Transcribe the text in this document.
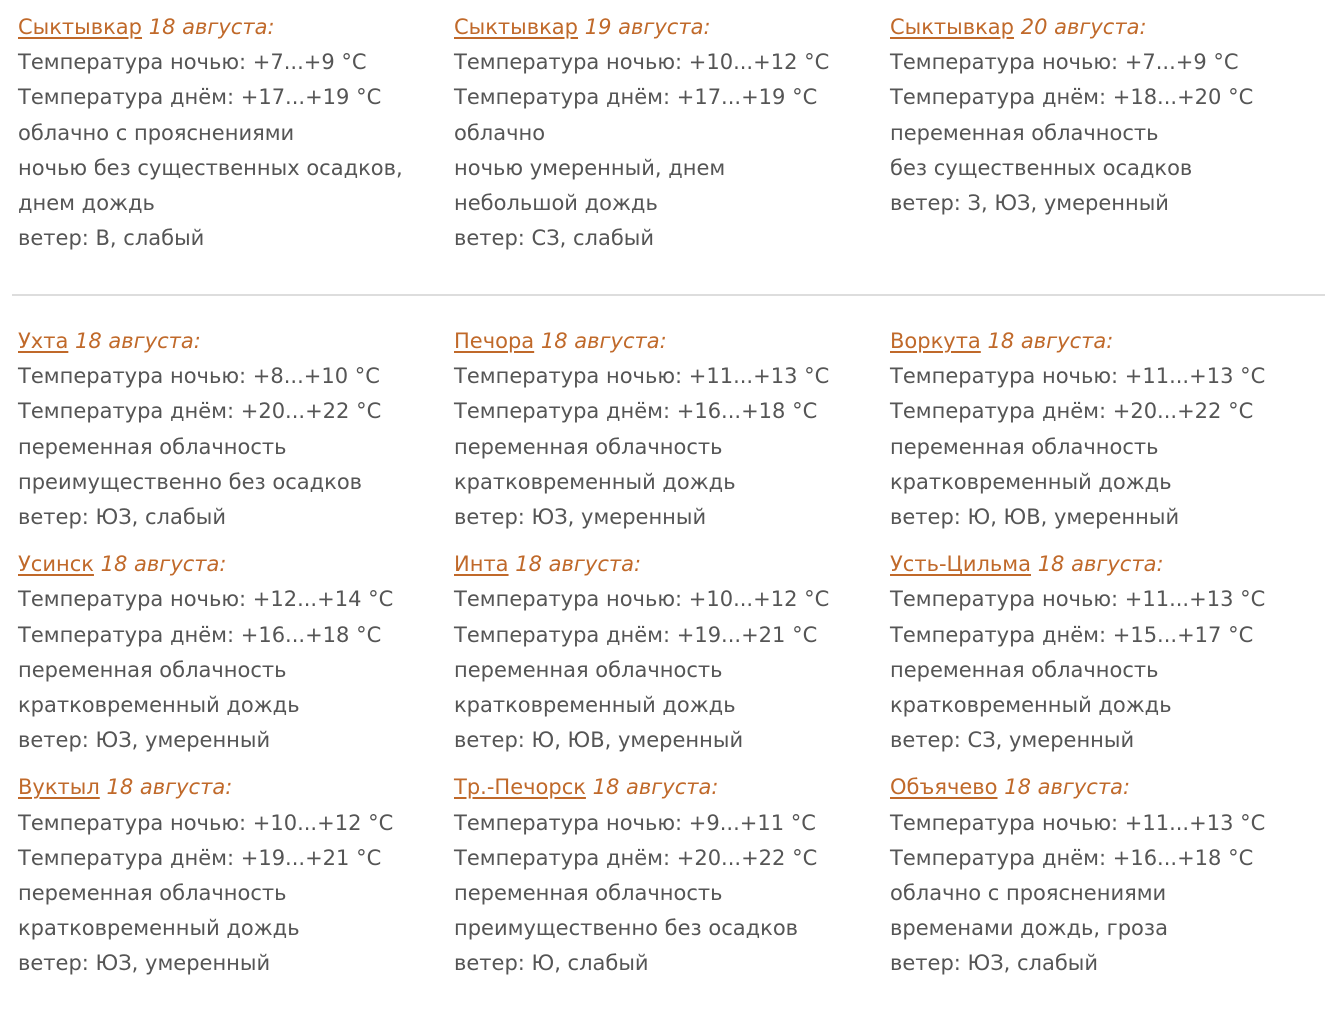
Сыктывкар 18 августа:

Температура ночью: +7...+9 °C

Температура днём: +17...+19 °C

облачно с прояснениями

ночью без существенных осадков, днем дождь

ветер: В, слабый

Сыктывкар 19 августа:

Температура ночью: +10...+12 °C

Температура днём: +17...+19 °C

облачно

ночью умеренный, днем небольшой дождь

ветер: СЗ, слабый

Сыктывкар 20 августа:

Температура ночью: +7...+9 °C

Температура днём: +18...+20 °C

переменная облачность

без существенных осадков

ветер: З, ЮЗ, умеренный

Ухта 18 августа:

Температура ночью: +8...+10 °C

Температура днём: +20...+22 °C

переменная облачность

преимущественно без осадков

ветер: ЮЗ, слабый

Печора 18 августа:

Температура ночью: +11...+13 °C

Температура днём: +16...+18 °C

переменная облачность

кратковременный дождь

ветер: ЮЗ, умеренный

Воркута 18 августа:

Температура ночью: +11...+13 °C

Температура днём: +20...+22 °C

переменная облачность

кратковременный дождь

ветер: Ю, ЮВ, умеренный

Усинск 18 августа:

Температура ночью: +12...+14 °C

Температура днём: +16...+18 °C

переменная облачность

кратковременный дождь

ветер: ЮЗ, умеренный

Инта 18 августа:

Температура ночью: +10...+12 °C

Температура днём: +19...+21 °C

переменная облачность

кратковременный дождь

ветер: Ю, ЮВ, умеренный

Усть-Цильма 18 августа:

Температура ночью: +11...+13 °C

Температура днём: +15...+17 °C

переменная облачность

кратковременный дождь

ветер: СЗ, умеренный

Вуктыл 18 августа:

Температура ночью: +10...+12 °C

Температура днём: +19...+21 °C

переменная облачность

кратковременный дождь

ветер: ЮЗ, умеренный

Тр.-Печорск 18 августа:

Температура ночью: +9...+11 °C

Температура днём: +20...+22 °C

переменная облачность

преимущественно без осадков

ветер: Ю, слабый

Объячево 18 августа:

Температура ночью: +11...+13 °C

Температура днём: +16...+18 °C

облачно с прояснениями

временами дождь, гроза

ветер: ЮЗ, слабый
